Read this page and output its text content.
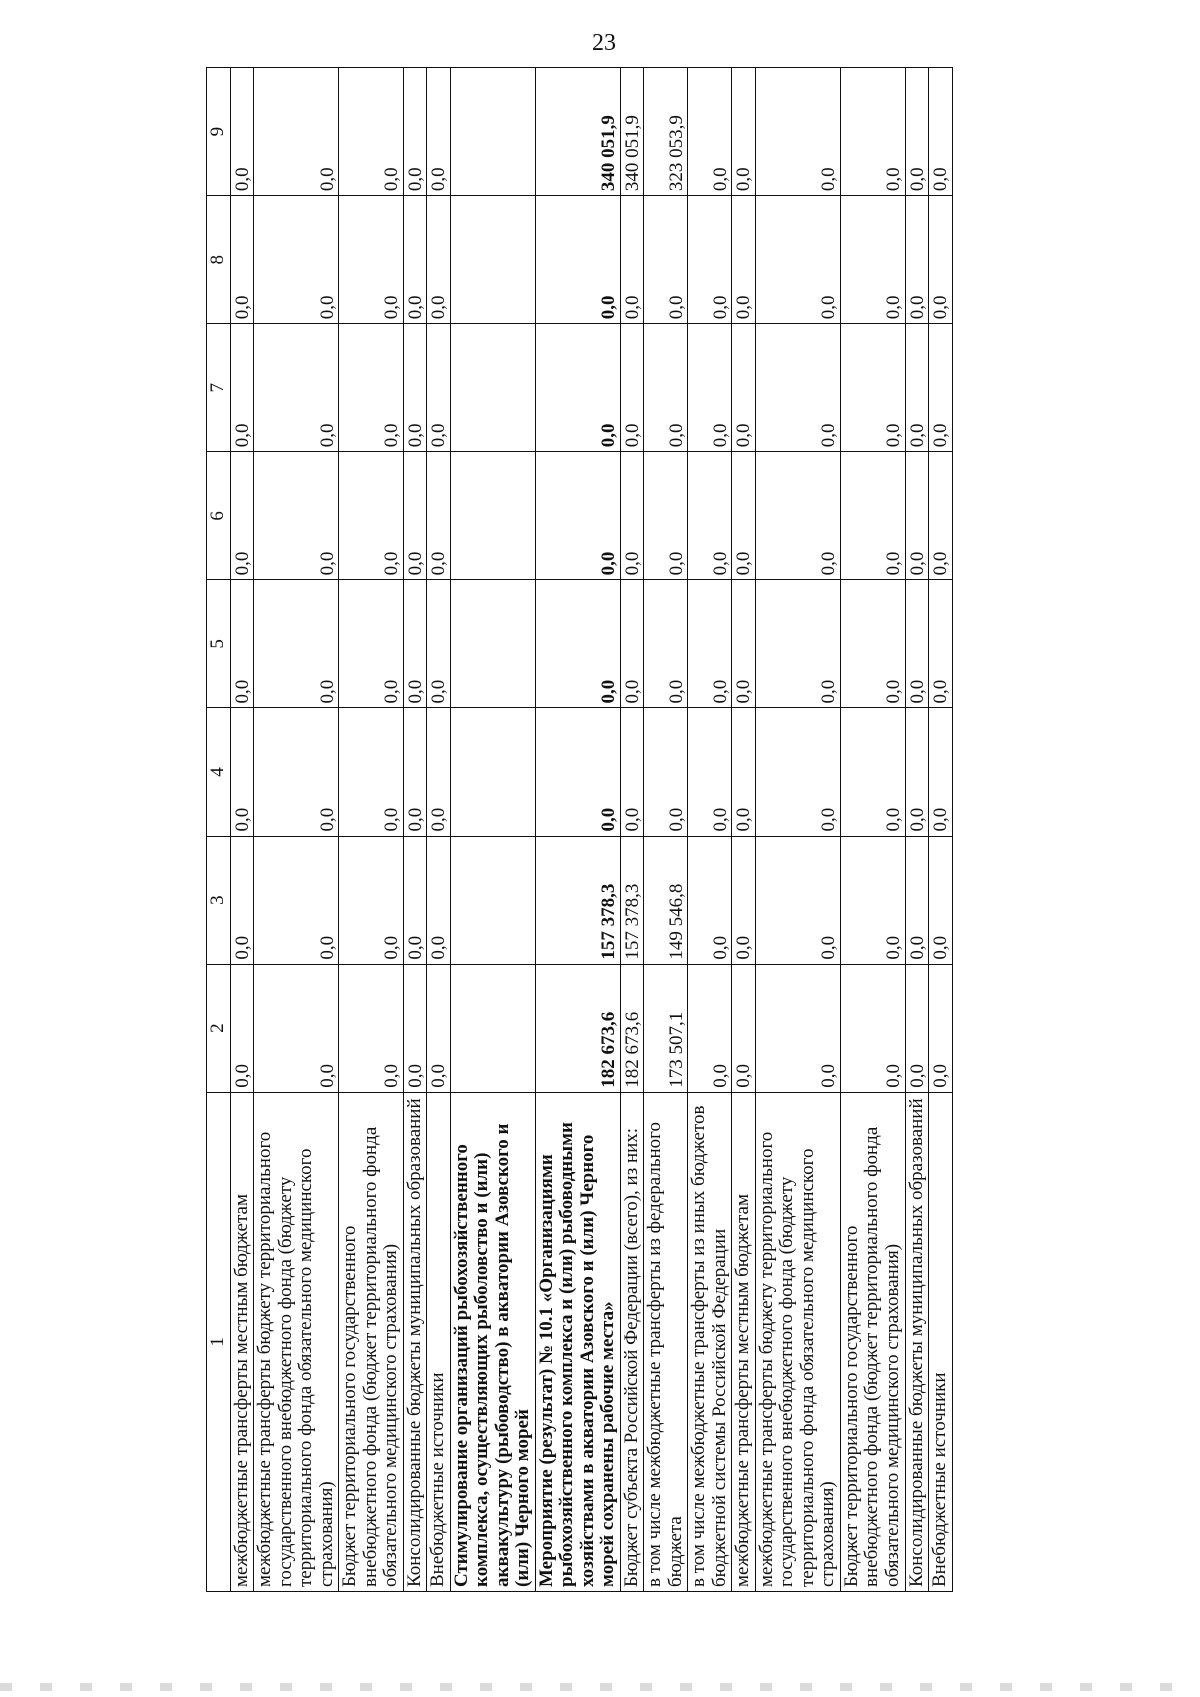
23
1	2	3	4	5	6	7	8	9
межбюджетные трансферты местным бюджетам	0,0	0,0	0,0	0,0	0,0	0,0	0,0	0,0
межбюджетные трансферты бюджету территориального государственного внебюджетного фонда (бюджету территориального фонда обязательного медицинского страхования)	0,0	0,0	0,0	0,0	0,0	0,0	0,0	0,0
Бюджет территориального государственного внебюджетного фонда (бюджет территориального фонда обязательного медицинского страхования)	0,0	0,0	0,0	0,0	0,0	0,0	0,0	0,0
Консолидированные бюджеты муниципальных образований	0,0	0,0	0,0	0,0	0,0	0,0	0,0	0,0
Внебюджетные источники	0,0	0,0	0,0	0,0	0,0	0,0	0,0	0,0
Стимулирование организаций рыбохозяйственного комплекса, осуществляющих рыболовство и (или) аквакультуру (рыбоводство) в акватории Азовского и (или) Черного морей								
Мероприятие (результат) № 10.1 «Организациями рыбохозяйственного комплекса и (или) рыбоводными хозяйствами в акватории Азовского и (или) Черного морей сохранены рабочие места»	182 673,6	157 378,3	0,0	0,0	0,0	0,0	0,0	340 051,9
Бюджет субъекта Российской Федерации (всего), из них:	182 673,6	157 378,3	0,0	0,0	0,0	0,0	0,0	340 051,9
в том числе межбюджетные трансферты из федерального бюджета	173 507,1	149 546,8	0,0	0,0	0,0	0,0	0,0	323 053,9
в том числе межбюджетные трансферты из иных бюджетов бюджетной системы Российской Федерации	0,0	0,0	0,0	0,0	0,0	0,0	0,0	0,0
межбюджетные трансферты местным бюджетам	0,0	0,0	0,0	0,0	0,0	0,0	0,0	0,0
межбюджетные трансферты бюджету территориального государственного внебюджетного фонда (бюджету территориального фонда обязательного медицинского страхования)	0,0	0,0	0,0	0,0	0,0	0,0	0,0	0,0
Бюджет территориального государственного внебюджетного фонда (бюджет территориального фонда обязательного медицинского страхования)	0,0	0,0	0,0	0,0	0,0	0,0	0,0	0,0
Консолидированные бюджеты муниципальных образований	0,0	0,0	0,0	0,0	0,0	0,0	0,0	0,0
Внебюджетные источники	0,0	0,0	0,0	0,0	0,0	0,0	0,0	0,0
